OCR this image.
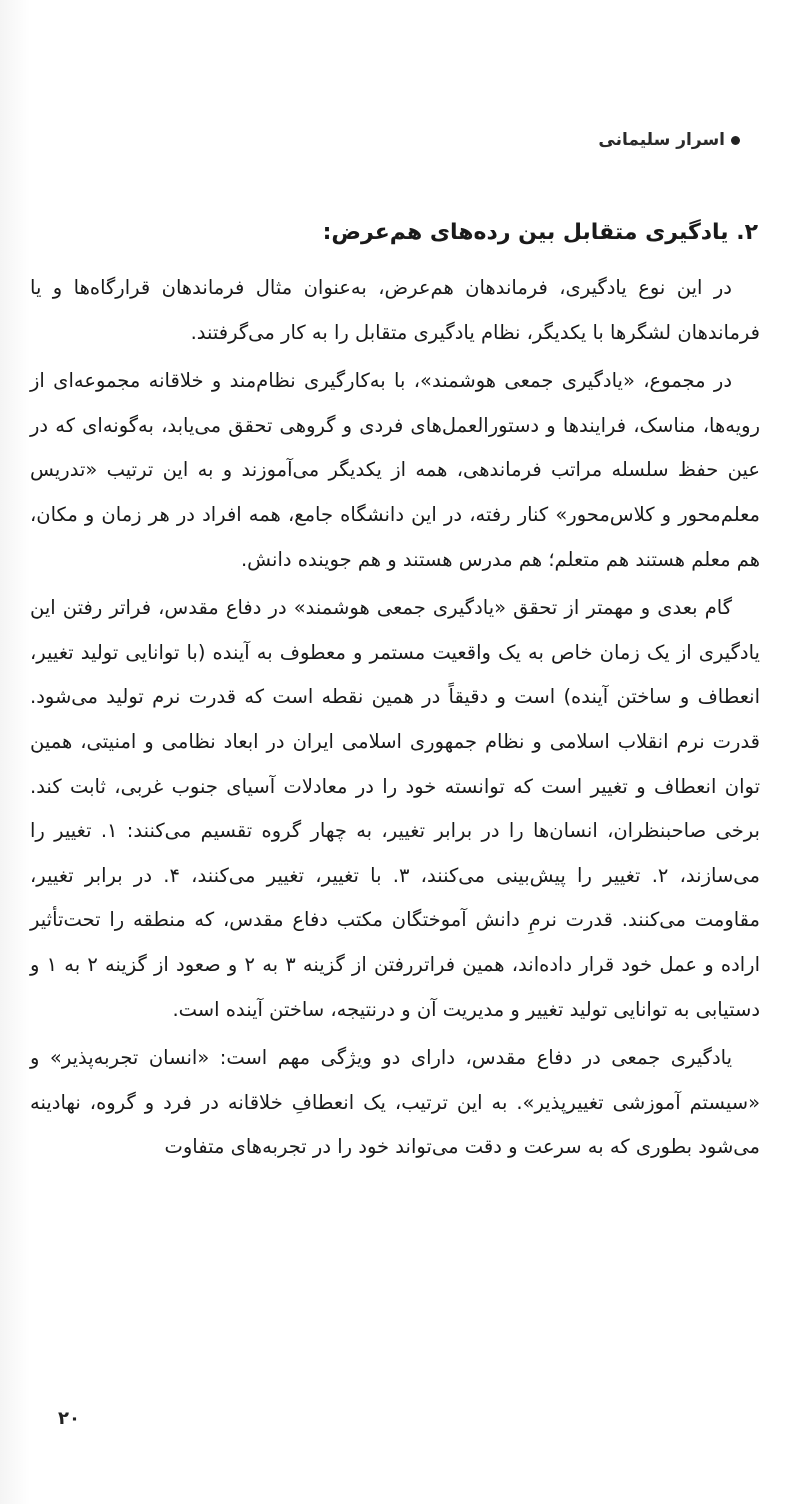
اسرار سلیمانی
۲. یادگیری متقابل بین رده‌های هم‌عرض:

در این نوع یادگیری، فرماندهان هم‌عرض، به‌عنوان مثال فرماندهان قرارگاه‌ها و یا فرماندهان لشگرها با یکدیگر، نظام یادگیری متقابل را به کار می‌گرفتند.

در مجموع، «یادگیری جمعی هوشمند»، با به‌کارگیری نظام‌مند و خلاقانه مجموعه‌ای از رویه‌ها، مناسک، فرایندها و دستورالعمل‌های فردی و گروهی تحقق می‌یابد، به‌گونه‌ای که در عین حفظ سلسله مراتب فرماندهی، همه از یکدیگر می‌آموزند و به این ترتیب «تدریس معلم‌محور و کلاس‌محور» کنار رفته، در این دانشگاه جامع، همه افراد در هر زمان و مکان، هم معلم هستند هم متعلم؛ هم مدرس هستند و هم جوینده دانش.

گام بعدی و مهمتر از تحقق «یادگیری جمعی هوشمند» در دفاع مقدس، فراتر رفتن این یادگیری از یک زمان خاص به یک واقعیت مستمر و معطوف به آینده (با توانایی تولید تغییر، انعطاف و ساختن آینده) است و دقیقاً در همین نقطه است که قدرت نرم تولید می‌شود. قدرت نرم انقلاب اسلامی و نظام جمهوری اسلامی ایران در ابعاد نظامی و امنیتی، همین توان انعطاف و تغییر است که توانسته خود را در معادلات آسیای جنوب غربی، ثابت کند. برخی صاحبنظران، انسان‌ها را در برابر تغییر، به چهار گروه تقسیم می‌کنند: ۱. تغییر را می‌سازند، ۲. تغییر را پیش‌بینی می‌کنند، ۳. با تغییر، تغییر می‌کنند، ۴. در برابر تغییر، مقاومت می‌کنند. قدرت نرمِ دانش آموختگان مکتب دفاع مقدس، که منطقه را تحت‌تأثیر اراده و عمل خود قرار داده‌اند، همین فراتررفتن از گزینه ۳ به ۲ و صعود از گزینه ۲ به ۱ و دستیابی به توانایی تولید تغییر و مدیریت آن و درنتیجه، ساختن آینده است.

یادگیری جمعی در دفاع مقدس، دارای دو ویژگی مهم است: «انسان تجربه‌پذیر» و «سیستم آموزشی تغییرپذیر». به این ترتیب، یک انعطافِ خلاقانه در فرد و گروه، نهادینه می‌شود بطوری که به سرعت و دقت می‌تواند خود را در تجربه‌های متفاوت

۲۰
